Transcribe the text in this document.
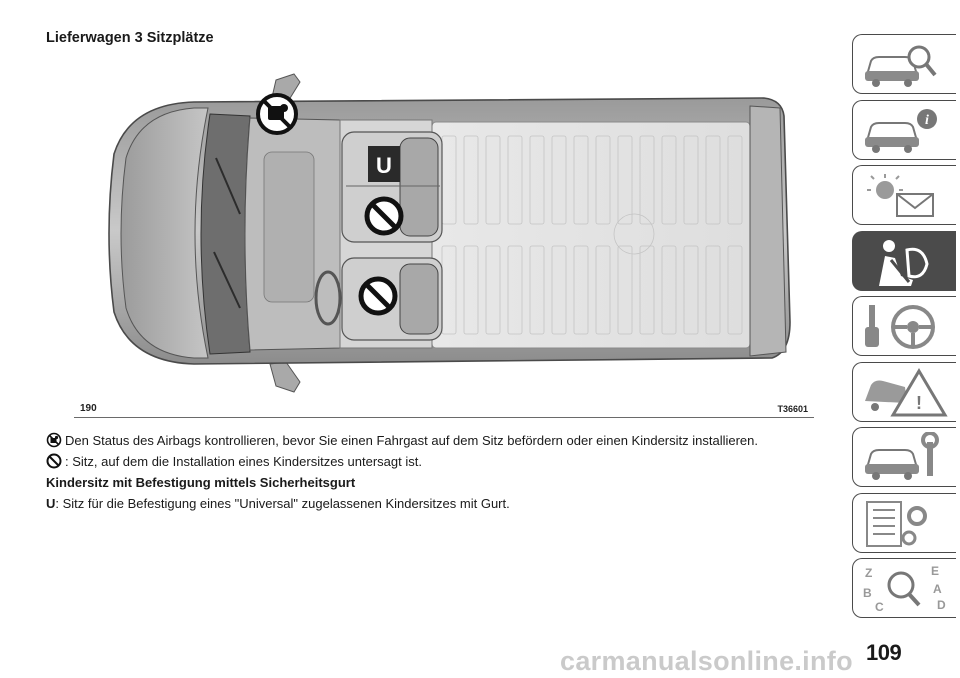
Lieferwagen 3 Sitzplätze
U
190	T36601

Den Status des Airbags kontrollieren, bevor Sie einen Fahrgast auf dem Sitz befördern oder einen Kindersitz installieren.

: Sitz, auf dem die Installation eines Kindersitzes untersagt ist.

Kindersitz mit Befestigung mittels Sicherheitsgurt

U: Sitz für die Befestigung eines "Universal" zugelassenen Kindersitzes mit Gurt.

i
!
Z
B
C
E
A
D
carmanualsonline.info 109
